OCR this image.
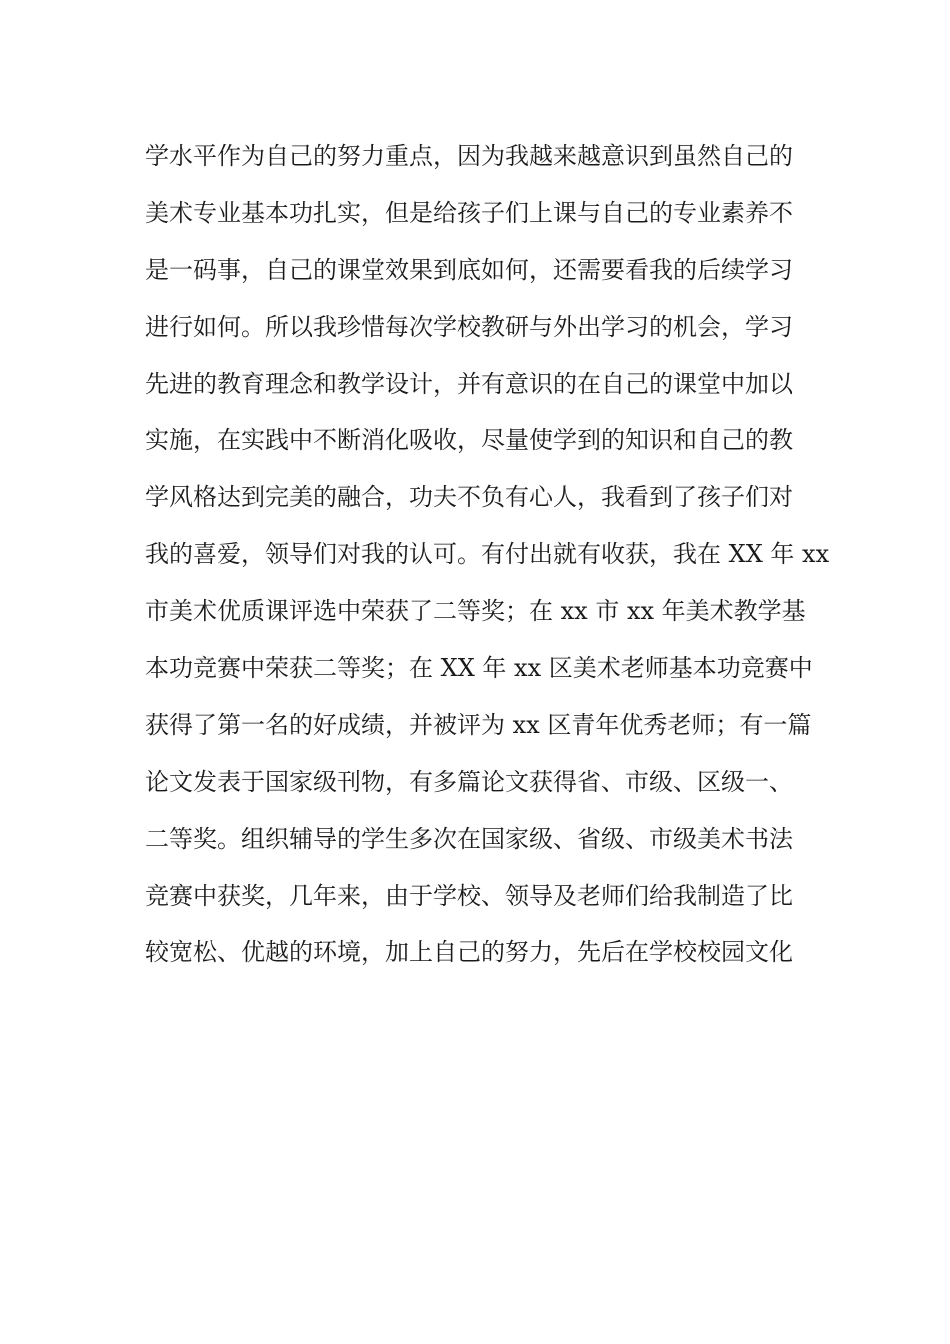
学水平作为自己的努力重点，因为我越来越意识到虽然自己的
美术专业基本功扎实，但是给孩子们上课与自己的专业素养不
是一码事，自己的课堂效果到底如何，还需要看我的后续学习
进行如何。所以我珍惜每次学校教研与外出学习的机会，学习
先进的教育理念和教学设计，并有意识的在自己的课堂中加以
实施，在实践中不断消化吸收，尽量使学到的知识和自己的教
学风格达到完美的融合，功夫不负有心人，我看到了孩子们对
我的喜爱，领导们对我的认可。有付出就有收获，我在 XX 年 xx
市美术优质课评选中荣获了二等奖；在 xx 市 xx 年美术教学基
本功竞赛中荣获二等奖；在 XX 年 xx 区美术老师基本功竞赛中
获得了第一名的好成绩，并被评为 xx 区青年优秀老师；有一篇
论文发表于国家级刊物，有多篇论文获得省、市级、区级一、
二等奖。组织辅导的学生多次在国家级、省级、市级美术书法
竞赛中获奖，几年来，由于学校、领导及老师们给我制造了比
较宽松、优越的环境，加上自己的努力，先后在学校校园文化
